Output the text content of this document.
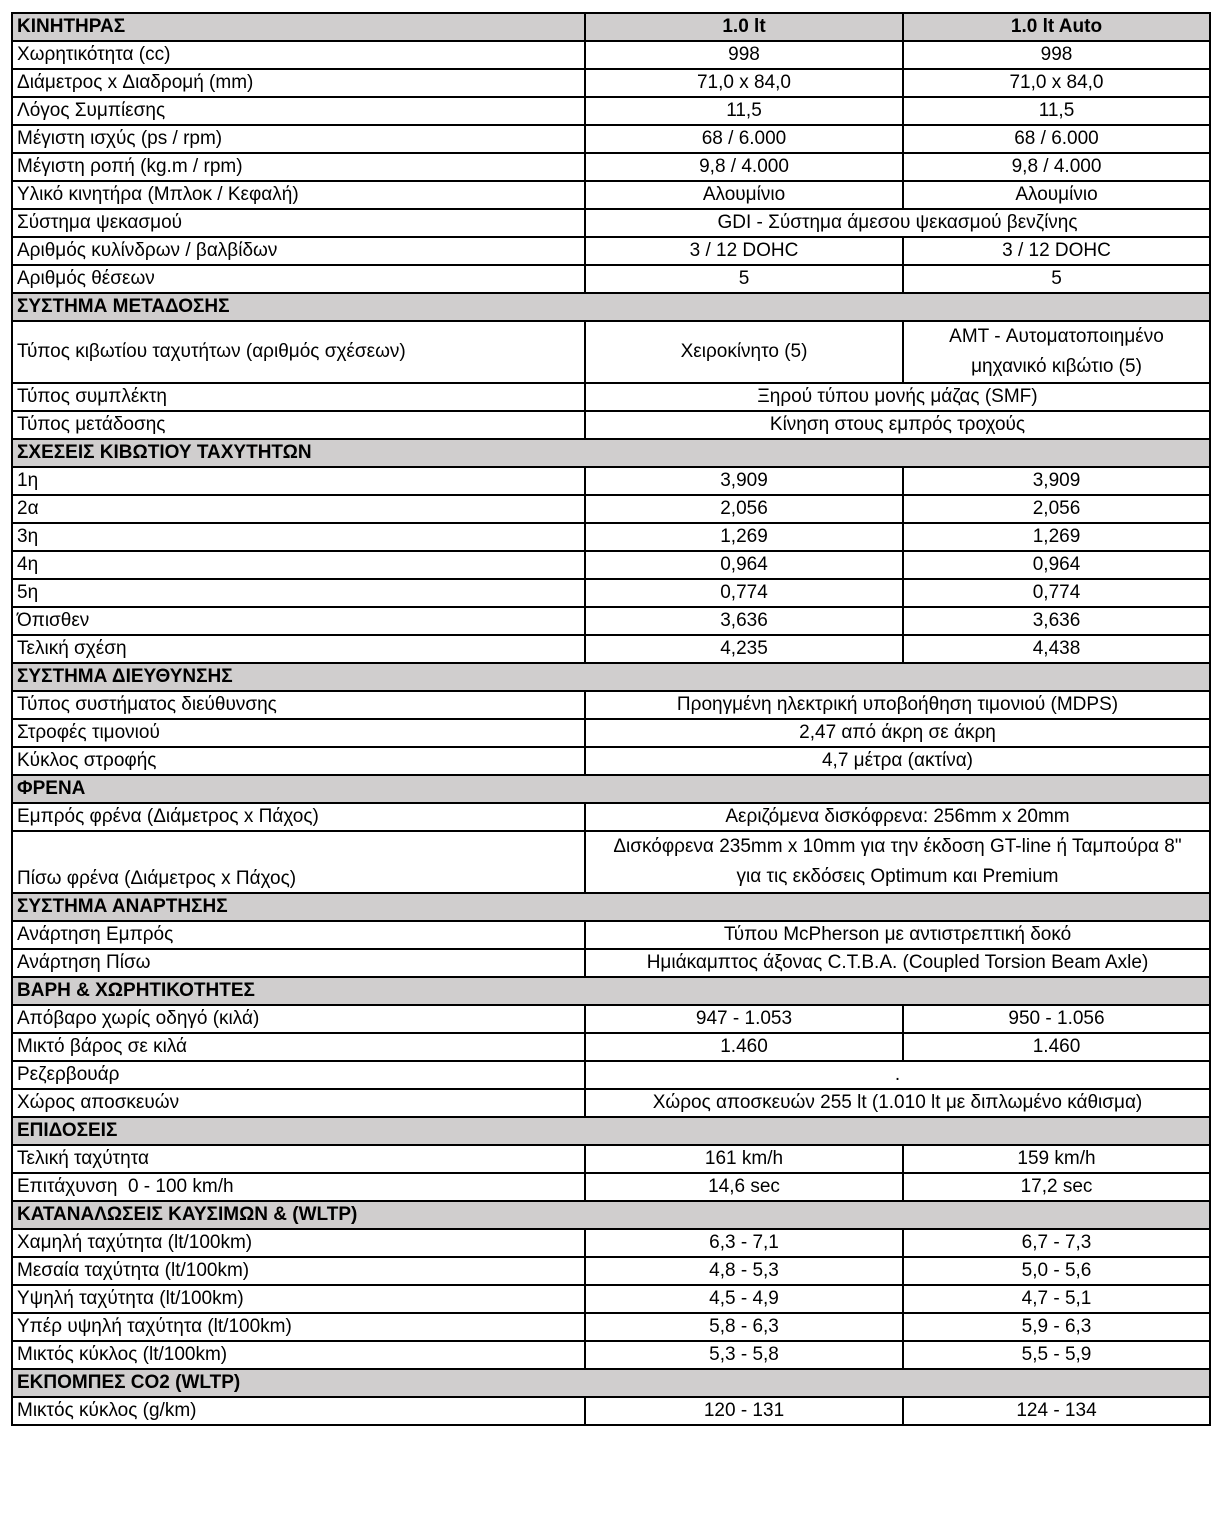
ΚΙΝΗΤΗΡΑΣ	1.0 lt	1.0 lt Auto
Χωρητικότητα (cc)	998	998
Διάμετρος x Διαδρομή (mm)	71,0 x 84,0	71,0 x 84,0
Λόγος Συμπίεσης	11,5	11,5
Μέγιστη ισχύς (ps / rpm)	68 / 6.000	68 / 6.000
Μέγιστη ροπή (kg.m / rpm)	9,8 / 4.000	9,8 / 4.000
Υλικό κινητήρα (Μπλοκ / Κεφαλή)	Αλουμίνιο	Αλουμίνιο
Σύστημα ψεκασμού	GDI - Σύστημα άμεσου ψεκασμού βενζίνης	
Αριθμός κυλίνδρων / βαλβίδων	3 / 12 DOHC	3 / 12 DOHC
Αριθμός θέσεων	5	5
ΣΥΣΤΗΜΑ ΜΕΤΑΔΟΣΗΣ		
Τύπος κιβωτίου ταχυτήτων (αριθμός σχέσεων)	Χειροκίνητο (5)	AMT - Αυτοματοποιημένο
μηχανικό κιβώτιο (5)

Τύπος συμπλέκτη	Ξηρού τύπου μονής μάζας (SMF)	
Τύπος μετάδοσης	Κίνηση στους εμπρός τροχούς	
ΣΧΕΣΕΙΣ ΚΙΒΩΤΙΟΥ ΤΑΧΥΤΗΤΩΝ		
1η	3,909	3,909
2α	2,056	2,056
3η	1,269	1,269
4η	0,964	0,964
5η	0,774	0,774
Όπισθεν	3,636	3,636
Τελική σχέση	4,235	4,438
ΣΥΣΤΗΜΑ ΔΙΕΥΘΥΝΣΗΣ		
Τύπος συστήματος διεύθυνσης	Προηγμένη ηλεκτρική υποβοήθηση τιμονιού (MDPS)	
Στροφές τιμονιού	2,47 από άκρη σε άκρη	
Κύκλος στροφής	4,7 μέτρα (ακτίνα)	
ΦΡΕΝΑ		
Εμπρός φρένα (Διάμετρος x Πάχος)	Αεριζόμενα δισκόφρενα: 256mm x 20mm	
Πίσω φρένα (Διάμετρος x Πάχος)	Δισκόφρενα 235mm x 10mm για την έκδοση GT-line ή Ταμπούρα 8"
για τις εκδόσεις Optimum και Premium	

ΣΥΣΤΗΜΑ ΑΝΑΡΤΗΣΗΣ		
Ανάρτηση Εμπρός	Τύπου McPherson με αντιστρεπτική δοκό	
Ανάρτηση Πίσω	Ημιάκαμπτος άξονας C.T.B.A. (Coupled Torsion Beam Axle)	
ΒΑΡΗ & ΧΩΡΗΤΙΚΟΤΗΤΕΣ		
Απόβαρο χωρίς οδηγό (κιλά)	947 - 1.053	950 - 1.056
Μικτό βάρος σε κιλά	1.460	1.460
Ρεζερβουάρ	.	
Χώρος αποσκευών	Χώρος αποσκευών 255 lt (1.010 lt με διπλωμένο κάθισμα)	
ΕΠΙΔΟΣΕΙΣ		
Τελική ταχύτητα	161 km/h	159 km/h
Επιτάχυνση  0 - 100 km/h	14,6 sec	17,2 sec
ΚΑΤΑΝΑΛΩΣΕΙΣ ΚΑΥΣΙΜΩΝ & (WLTP)		
Χαμηλή ταχύτητα (lt/100km)	6,3 - 7,1	6,7 - 7,3
Μεσαία ταχύτητα (lt/100km)	4,8 - 5,3	5,0 - 5,6
Υψηλή ταχύτητα (lt/100km)	4,5 - 4,9	4,7 - 5,1
Υπέρ υψηλή ταχύτητα (lt/100km)	5,8 - 6,3	5,9 - 6,3
Μικτός κύκλος (lt/100km)	5,3 - 5,8	5,5 - 5,9
ΕΚΠΟΜΠΕΣ CO2 (WLTP)		
Μικτός κύκλος (g/km)	120 - 131	124 - 134
